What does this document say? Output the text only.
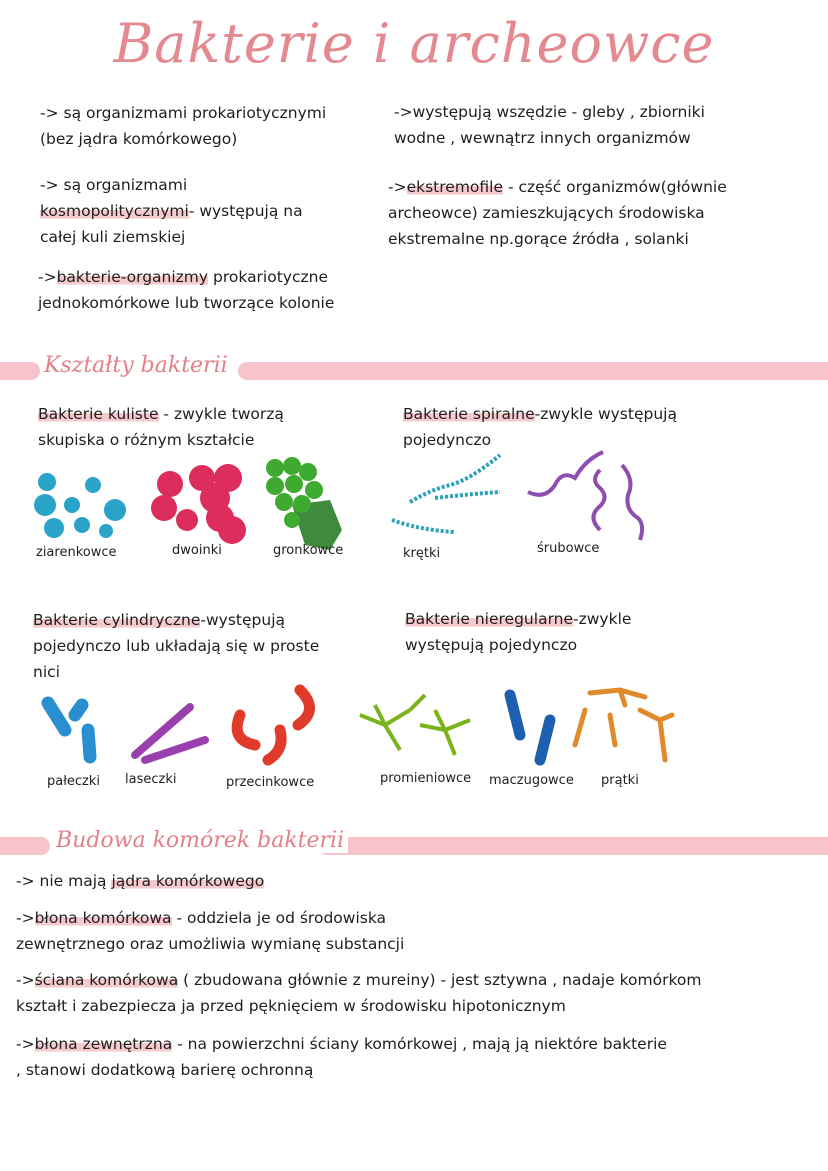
Bakterie i archeowce
-> są organizmami prokariotycznymi (bez jądra komórkowego)
-> są organizmami kosmopolitycznymi- występują na całej kuli ziemskiej
->bakterie-organizmy prokariotyczne jednokomórkowe lub tworzące kolonie
->występują wszędzie - gleby , zbiorniki wodne , wewnątrz innych organizmów
->ekstremofile - część organizmów(głównie archeowce) zamieszkujących środowiska ekstremalne np.gorące źródła , solanki
Kształty bakterii
Bakterie kuliste - zwykle tworzą skupiska o różnym kształcie
Bakterie spiralne-zwykle występują pojedynczo
ziarenkowce	dwoinki	gronkowce	krętki	śrubowce
Bakterie cylindryczne-występują pojedynczo lub układają się w proste nici
Bakterie nieregularne-zwykle występują pojedynczo
pałeczki laseczki	przecinkowce	promieniowce maczugowce prątki
Budowa komórek bakterii
-> nie mają jądra komórkowego
->błona komórkowa - oddziela je od środowiska zewnętrznego oraz umożliwia wymianę substancji
->ściana komórkowa ( zbudowana głównie z mureiny) - jest sztywna , nadaje komórkom kształt i zabezpiecza ja przed pęknięciem w środowisku hipotonicznym
->błona zewnętrzna - na powierzchni ściany komórkowej , mają ją niektóre bakterie , stanowi dodatkową barierę ochronną
